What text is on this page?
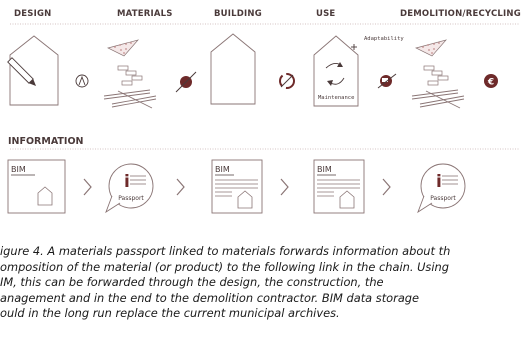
DESIGN	MATERIALS	BUILDING	USE	DEMOLITION/RECYCLING
Adaptability
Maintenance
€
BIM
i
Passport
BIM	BIM
i
Passport
INFORMATION
igure 4. A materials passport linked to materials forwards information about th
omposition of the material (or product) to the following link in the chain. Using
IM, this can be forwarded through the design, the construction, the
anagement and in the end to the demolition contractor. BIM data storage
ould in the long run replace the current municipal archives.
